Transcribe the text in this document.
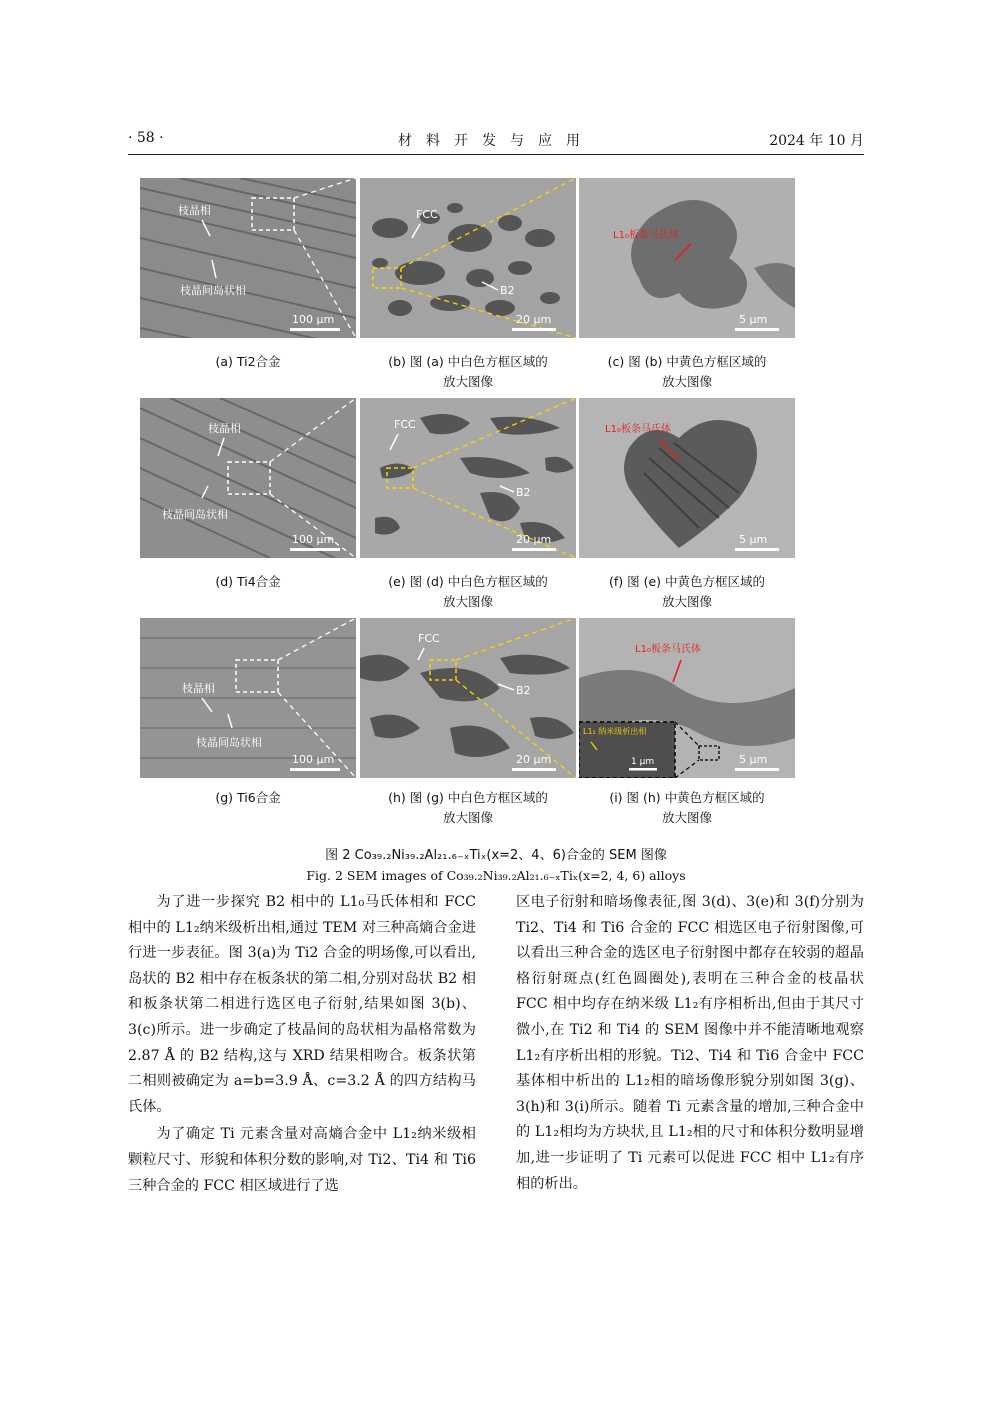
· 58 ·	材料开发与应用	2024 年 10 月
枝晶相
枝晶间岛状相
100 μm
FCC
B2
20 μm
L1₀板条马氏体
5 μm
(a) Ti2合金	(b) 图 (a) 中白色方框区域的
放大图像
(c) 图 (b) 中黄色方框区域的
放大图像
枝晶相
枝晶间岛状相
100 μm
FCC
B2
20 μm
L1₀板条马氏体
5 μm
(d) Ti4合金	(e) 图 (d) 中白色方框区域的
放大图像
(f) 图 (e) 中黄色方框区域的
放大图像
枝晶相
枝晶间岛状相
100 μm
FCC
B2
20 μm
L1₀板条马氏体
L1₂ 纳米级析出相
1 μm	5 μm
(g) Ti6合金	(h) 图 (g) 中白色方框区域的
放大图像
(i) 图 (h) 中黄色方框区域的
放大图像
图 2 Co₃₉.₂Ni₃₉.₂Al₂₁.₆₋ₓTiₓ(x=2、4、6)合金的 SEM 图像
Fig. 2 SEM images of Co₃₉.₂Ni₃₉.₂Al₂₁.₆₋ₓTiₓ(x=2, 4, 6) alloys

为了进一步探究 B2 相中的 L1₀马氏体相和 FCC 相中的 L1₂纳米级析出相,通过 TEM 对三种高熵合金进行进一步表征。图 3(a)为 Ti2 合金的明场像,可以看出,岛状的 B2 相中存在板条状的第二相,分别对岛状 B2 相和板条状第二相进行选区电子衍射,结果如图 3(b)、3(c)所示。进一步确定了枝晶间的岛状相为晶格常数为 2.87 Å 的 B2 结构,这与 XRD 结果相吻合。板条状第二相则被确定为 a=b=3.9 Å、c=3.2 Å 的四方结构马氏体。

为了确定 Ti 元素含量对高熵合金中 L1₂纳米级相颗粒尺寸、形貌和体积分数的影响,对 Ti2、Ti4 和 Ti6 三种合金的 FCC 相区域进行了选

区电子衍射和暗场像表征,图 3(d)、3(e)和 3(f)分别为 Ti2、Ti4 和 Ti6 合金的 FCC 相选区电子衍射图像,可以看出三种合金的选区电子衍射图中都存在较弱的超晶格衍射斑点(红色圆圈处),表明在三种合金的枝晶状 FCC 相中均存在纳米级 L1₂有序相析出,但由于其尺寸微小,在 Ti2 和 Ti4 的 SEM 图像中并不能清晰地观察 L1₂有序析出相的形貌。Ti2、Ti4 和 Ti6 合金中 FCC 基体相中析出的 L1₂相的暗场像形貌分别如图 3(g)、3(h)和 3(i)所示。随着 Ti 元素含量的增加,三种合金中的 L1₂相均为方块状,且 L1₂相的尺寸和体积分数明显增加,进一步证明了 Ti 元素可以促进 FCC 相中 L1₂有序相的析出。
